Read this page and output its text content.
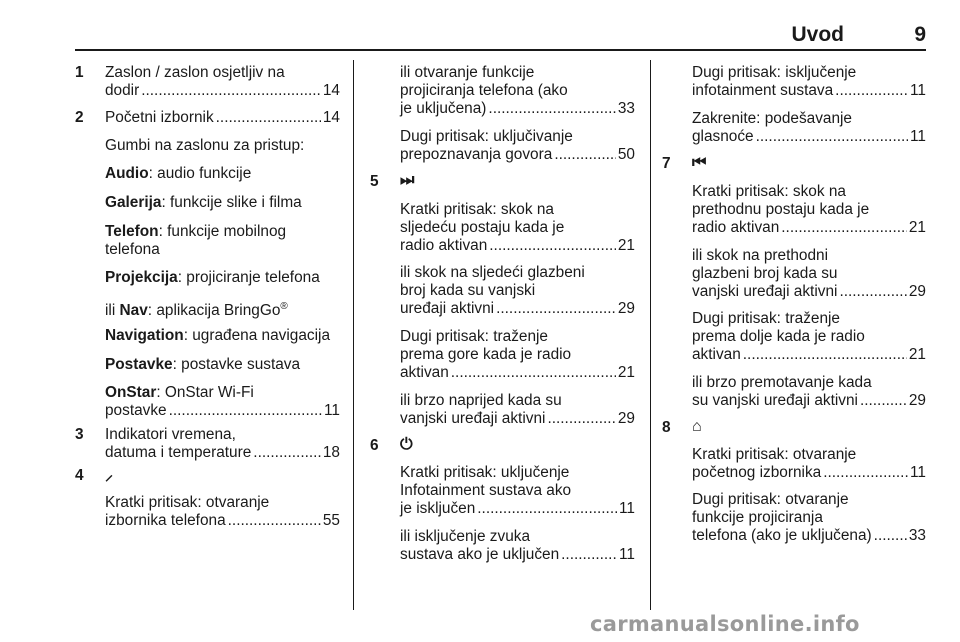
Uvod	9
1 Zaslon / zaslon osjetljiv na
dodir .....	14
2 Početni izbornik .....	14
Gumbi na zaslonu za pristup:
Audio: audio funkcije
Galerija: funkcije slike i filma
Telefon: funkcije mobilnog
telefona
Projekcija: projiciranje telefona
ili Nav: aplikacija BringGo®
Navigation: ugrađena navigacija
Postavke: postavke sustava
OnStar: OnStar Wi-Fi
postavke .....	11
3 Indikatori vremena,
datuma i temperature .....	18
4 ⸝
Kratki pritisak: otvaranje
izbornika telefona .....	55
ili otvaranje funkcije
projiciranja telefona (ako
je uključena) .....	33
Dugi pritisak: uključivanje
prepoznavanja govora .....	50
5 ⏭
Kratki pritisak: skok na
sljedeću postaju kada je
radio aktivan .....	21
ili skok na sljedeći glazbeni
broj kada su vanjski
uređaji aktivni .....	29
Dugi pritisak: traženje
prema gore kada je radio
aktivan .....	21
ili brzo naprijed kada su
vanjski uređaji aktivni .....	29
6 ⏻
Kratki pritisak: uključenje
Infotainment sustava ako
je isključen .....	11
ili isključenje zvuka
sustava ako je uključen .....	11
Dugi pritisak: isključenje
infotainment sustava .....	11
Zakrenite: podešavanje
glasnoće .....	11
7 ⏮
Kratki pritisak: skok na
prethodnu postaju kada je
radio aktivan .....	21
ili skok na prethodni
glazbeni broj kada su
vanjski uređaji aktivni .....	29
Dugi pritisak: traženje
prema dolje kada je radio
aktivan .....	21
ili brzo premotavanje kada
su vanjski uređaji aktivni .....	29
8 ⌂
Kratki pritisak: otvaranje
početnog izbornika .....	11
Dugi pritisak: otvaranje
funkcije projiciranja
telefona (ako je uključena) ..... 33
carmanualsonline.info
